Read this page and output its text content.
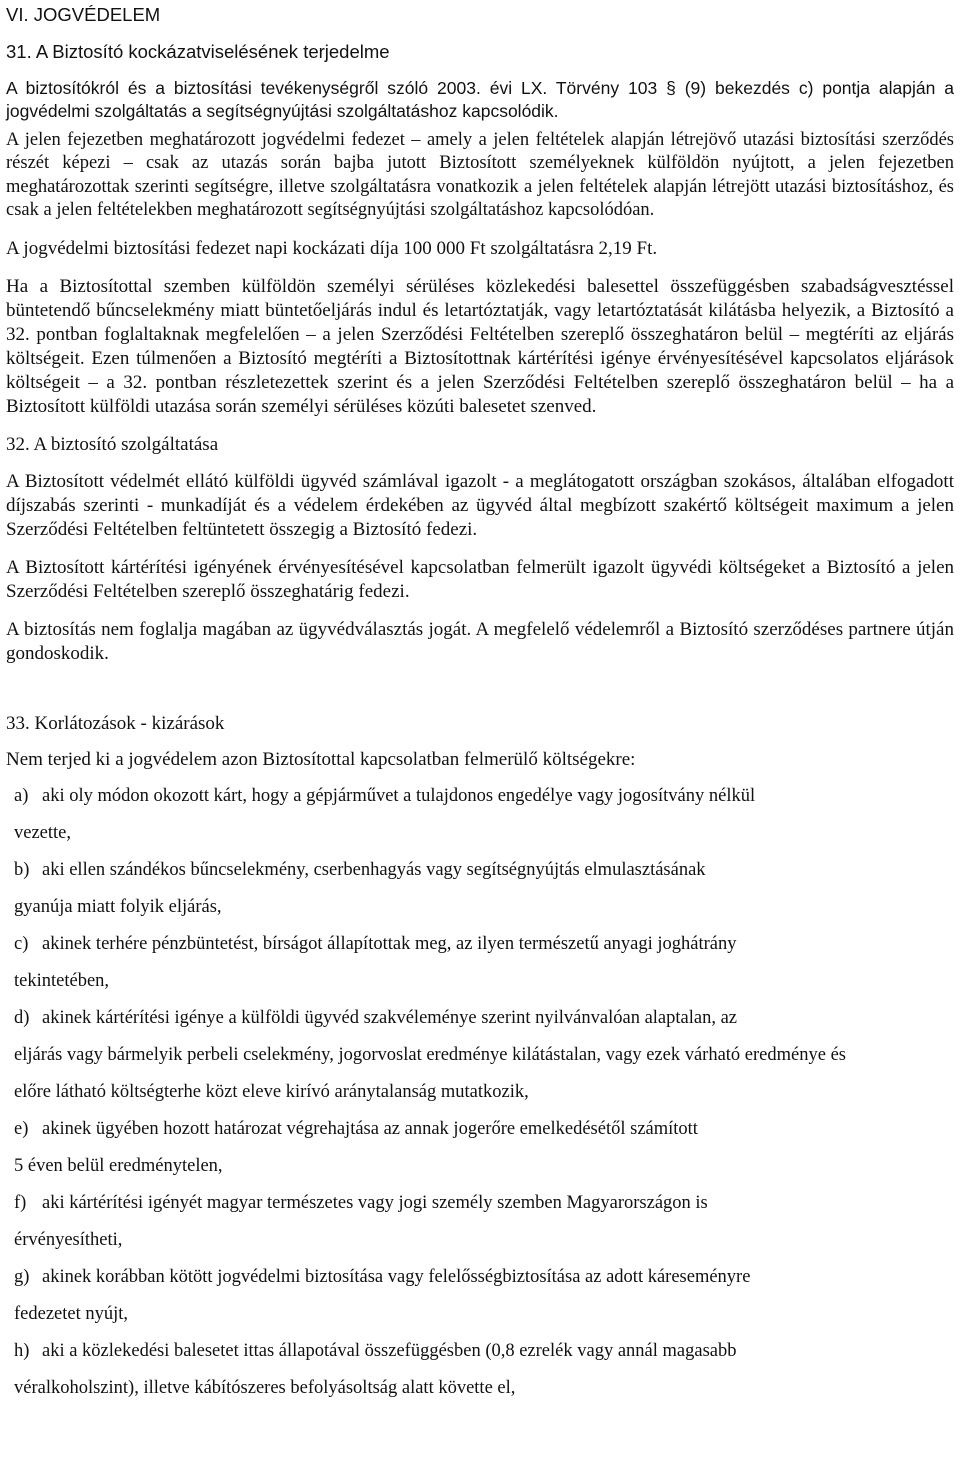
VI. JOGVÉDELEM

31. A Biztosító kockázatviselésének terjedelme

A biztosítókról és a biztosítási tevékenységről szóló 2003. évi LX. Törvény 103 § (9) bekezdés c) pontja alapján a jogvédelmi szolgáltatás a segítségnyújtási szolgáltatáshoz kapcsolódik.

A jelen fejezetben meghatározott jogvédelmi fedezet – amely a jelen feltételek alapján létrejövő utazási biztosítási szerződés részét képezi – csak az utazás során bajba jutott Biztosított személyeknek külföldön nyújtott, a jelen fejezetben meghatározottak szerinti segítségre, illetve szolgáltatásra vonatkozik a jelen feltételek alapján létrejött utazási biztosításhoz, és csak a jelen feltételekben meghatározott segítségnyújtási szolgáltatáshoz kapcsolódóan.

A jogvédelmi biztosítási fedezet napi kockázati díja 100 000 Ft szolgáltatásra 2,19 Ft.

Ha a Biztosítottal szemben külföldön személyi sérüléses közlekedési balesettel összefüggésben szabadságvesztéssel büntetendő bűncselekmény miatt büntetőeljárás indul és letartóztatják, vagy letartóztatását kilátásba helyezik, a Biztosító a 32. pontban foglaltaknak megfelelően – a jelen Szerződési Feltételben szereplő összeghatáron belül – megtéríti az eljárás költségeit. Ezen túlmenően a Biztosító megtéríti a Biztosítottnak kártérítési igénye érvényesítésével kapcsolatos eljárások költségeit – a 32. pontban részletezettek szerint és a jelen Szerződési Feltételben szereplő összeghatáron belül – ha a Biztosított külföldi utazása során személyi sérüléses közúti balesetet szenved.

32. A biztosító szolgáltatása

A Biztosított védelmét ellátó külföldi ügyvéd számlával igazolt - a meglátogatott országban szokásos, általában elfogadott díjszabás szerinti - munkadíját és a védelem érdekében az ügyvéd által megbízott szakértő költségeit maximum a jelen Szerződési Feltételben feltüntetett összegig a Biztosító fedezi.

A Biztosított kártérítési igényének érvényesítésével kapcsolatban felmerült igazolt ügyvédi költségeket a Biztosító a jelen Szerződési Feltételben szereplő összeghatárig fedezi.

A biztosítás nem foglalja magában az ügyvédválasztás jogát. A megfelelő védelemről a Biztosító szerződéses partnere útján gondoskodik.

33. Korlátozások - kizárások

Nem terjed ki a jogvédelem azon Biztosítottal kapcsolatban felmerülő költségekre:

a) aki oly módon okozott kárt, hogy a gépjárművet a tulajdonos engedélye vagy jogosítvány nélkül
vezette,
b) aki ellen szándékos bűncselekmény, cserbenhagyás vagy segítségnyújtás elmulasztásának
gyanúja miatt folyik eljárás,
c) akinek terhére pénzbüntetést, bírságot állapítottak meg, az ilyen természetű anyagi joghátrány
tekintetében,
d) akinek kártérítési igénye a külföldi ügyvéd szakvéleménye szerint nyilvánvalóan alaptalan, az
eljárás vagy bármelyik perbeli cselekmény, jogorvoslat eredménye kilátástalan, vagy ezek várható eredménye és előre látható költségterhe közt eleve kirívó aránytalanság mutatkozik,
e) akinek ügyében hozott határozat végrehajtása az annak jogerőre emelkedésétől számított
5 éven belül eredménytelen,
f) aki kártérítési igényét magyar természetes vagy jogi személy szemben Magyarországon is
érvényesítheti,
g) akinek korábban kötött jogvédelmi biztosítása vagy felelősségbiztosítása az adott káreseményre
fedezetet nyújt,
h) aki a közlekedési balesetet ittas állapotával összefüggésben (0,8 ezrelék vagy annál magasabb
véralkoholszint), illetve kábítószeres befolyásoltság alatt követte el,
